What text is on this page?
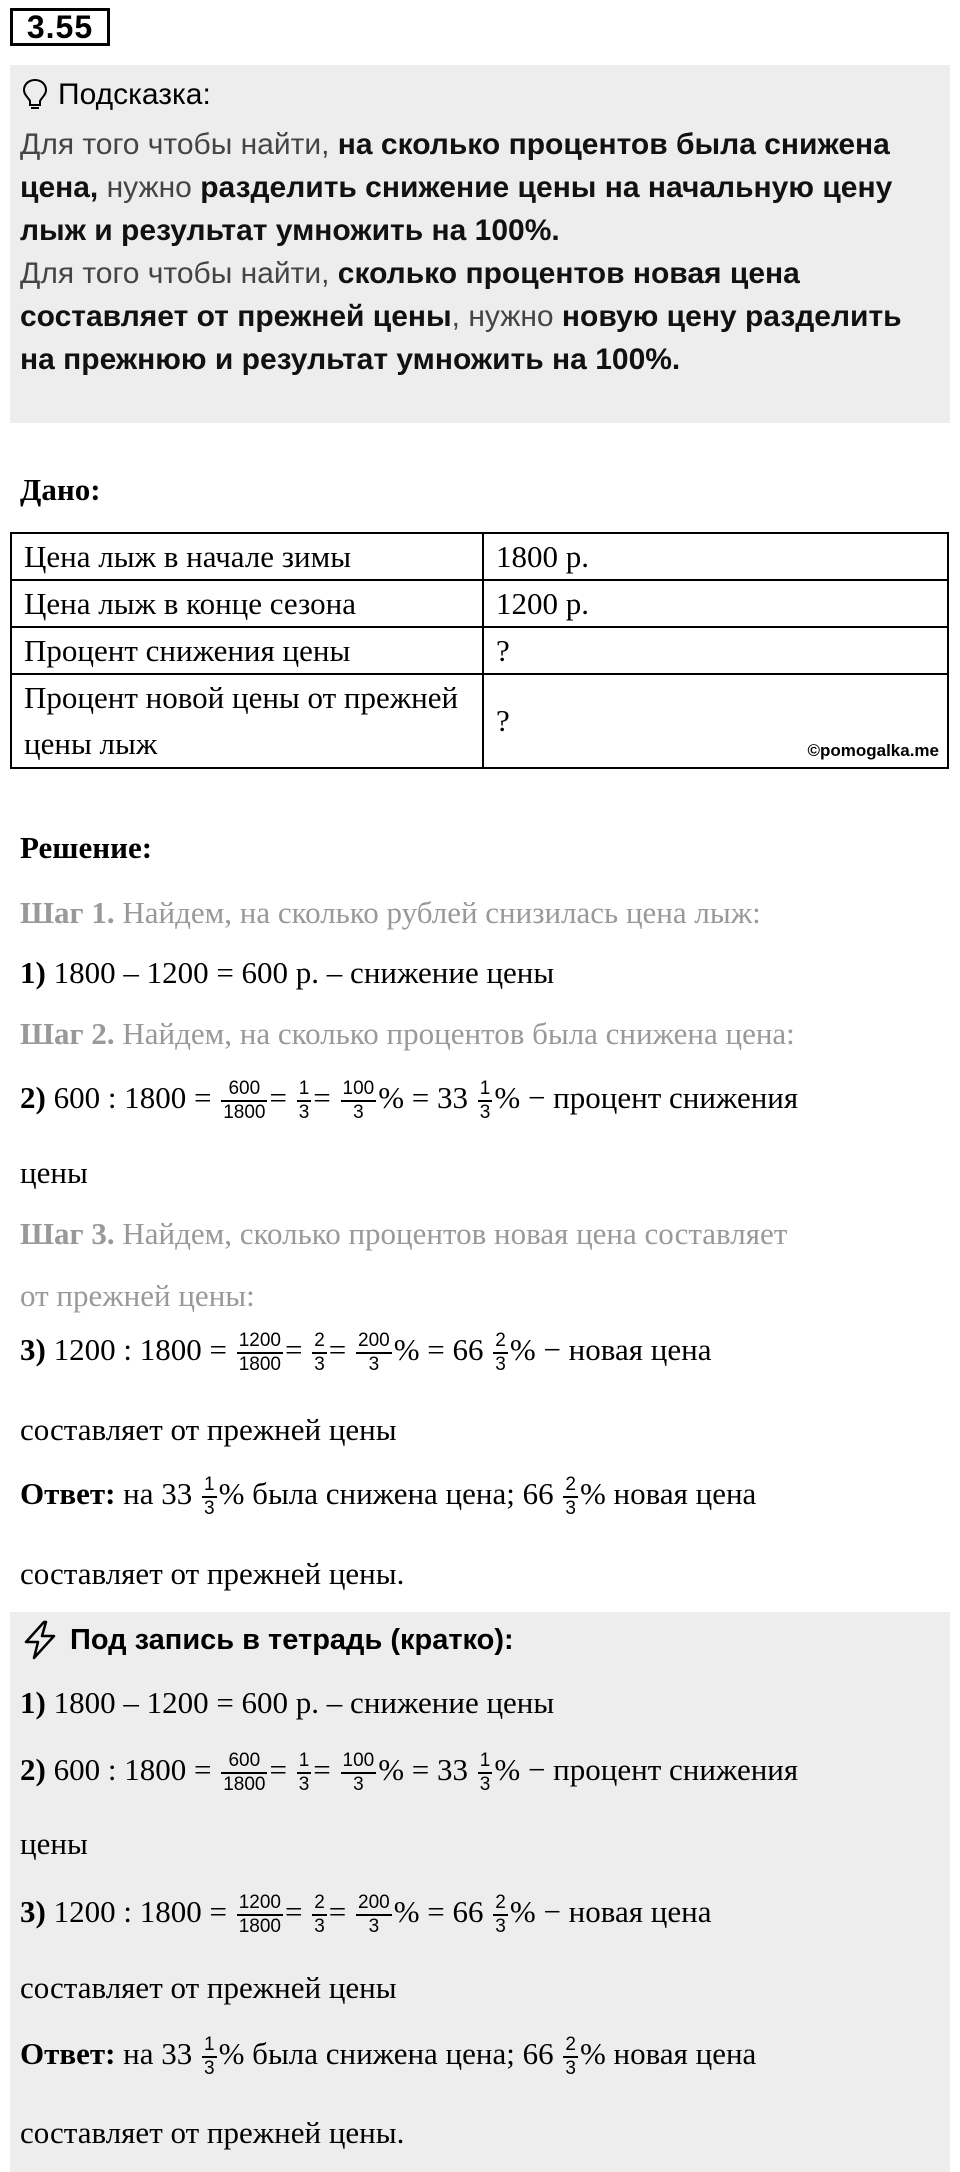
3.55
Подсказка:
Для того чтобы найти, на сколько процентов была снижена
цена, нужно разделить снижение цены на начальную цену
лыж и результат умножить на 100%.
Для того чтобы найти, сколько процентов новая цена
составляет от прежней цены, нужно новую цену разделить
на прежнюю и результат умножить на 100%.
Дано:
Цена лыж в начале зимы	1800 р.
Цена лыж в конце сезона	1200 р.
Процент снижения цены	?
Процент новой цены от прежней цены лыж	?
©pomogalka.me
Решение:
Шаг 1. Найдем, на сколько рублей снизилась цена лыж:
1) 1800 – 1200 = 600 р. – снижение цены
Шаг 2. Найдем, на сколько процентов была снижена цена:
2) 600 : $1800 = \frac{600}{1800} = \frac{1}{3} = \frac{100}{3}$ % = $33 \frac{1}{3}$ % − процент снижения
цены
Шаг 3. Найдем, сколько процентов новая цена составляет
от прежней цены:
3) 1200 : $1800 = \frac{1200}{1800} = \frac{2}{3} = \frac{200}{3}$ % = $66 \frac{2}{3}$ % − новая цена
составляет от прежней цены
Ответ: на $33 \frac{1}{3}$ % была снижена цена; $66 \frac{2}{3}$ % новая цена
составляет от прежней цены.
Под запись в тетрадь (кратко):
1) 1800 – 1200 = 600 р. – снижение цены
2) 600 : $1800 = \frac{600}{1800} = \frac{1}{3} = \frac{100}{3}$ % = $33 \frac{1}{3}$ % − процент снижения
цены
3) 1200 : $1800 = \frac{1200}{1800} = \frac{2}{3} = \frac{200}{3}$ % = $66 \frac{2}{3}$ % − новая цена
составляет от прежней цены
Ответ: на $33 \frac{1}{3}$ % была снижена цена; $66 \frac{2}{3}$ % новая цена
составляет от прежней цены.
